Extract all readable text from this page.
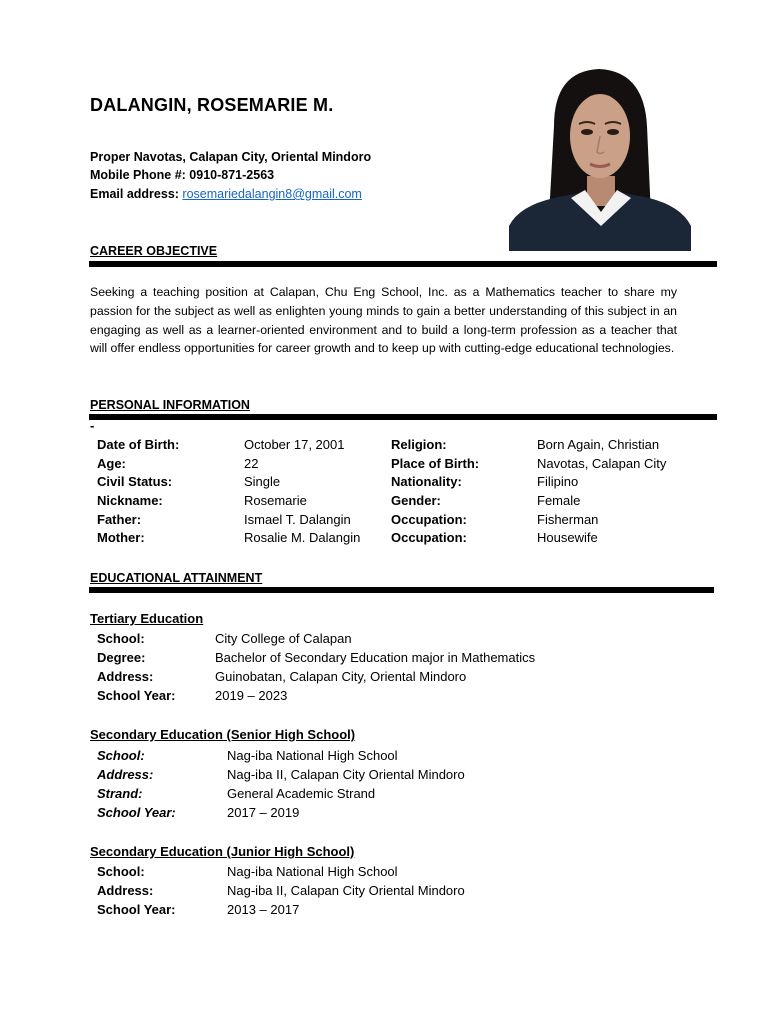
DALANGIN, ROSEMARIE M.
Proper Navotas, Calapan City, Oriental Mindoro
Mobile Phone #: 0910-871-2563
Email address: rosemariedalangin8@gmail.com
CAREER OBJECTIVE
Seeking a teaching position at Calapan, Chu Eng School, Inc. as a Mathematics teacher to share my passion for the subject as well as enlighten young minds to gain a better understanding of this subject in an engaging as well as a learner-oriented environment and to build a long-term profession as a teacher that will offer endless opportunities for career growth and to keep up with cutting-edge educational technologies.
PERSONAL INFORMATION
-
Date of Birth:
Age:
Civil Status:
Nickname:
Father:
Mother:
October 17, 2001
22
Single
Rosemarie
Ismael T. Dalangin
Rosalie M. Dalangin
Religion:
Place of Birth:
Nationality:
Gender:
Occupation:
Occupation:
Born Again, Christian
Navotas, Calapan City
Filipino
Female
Fisherman
Housewife
EDUCATIONAL ATTAINMENT
Tertiary Education
School:
Degree:
Address:
School Year:
City College of Calapan
Bachelor of Secondary Education major in Mathematics
Guinobatan, Calapan City, Oriental Mindoro
2019 – 2023
Secondary Education (Senior High School)
School:
Address:
Strand:
School Year:
Nag-iba National High School
Nag-iba II, Calapan City Oriental Mindoro
General Academic Strand
2017 – 2019
Secondary Education (Junior High School)
School:
Address:
School Year:
Nag-iba National High School
Nag-iba II, Calapan City Oriental Mindoro
2013 – 2017
